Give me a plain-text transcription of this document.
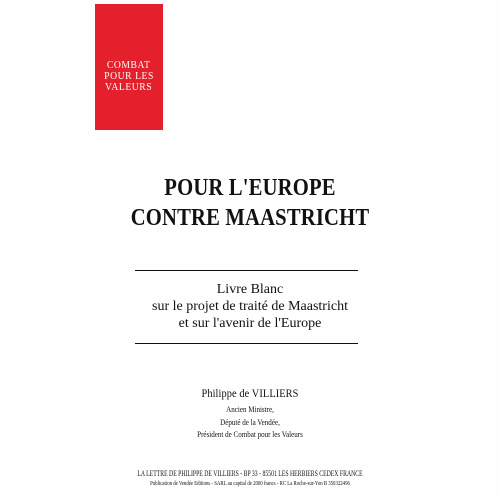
COMBAT
POUR LES
VALEURS
POUR L'EUROPE
CONTRE MAASTRICHT
Livre Blanc
sur le projet de traité de Maastricht
et sur l'avenir de l'Europe
Philippe de VILLIERS
Ancien Ministre,
Député de la Vendée,
Président de Combat pour les Valeurs
LA LETTRE DE PHILIPPE DE VILLIERS - BP 33 - 85501 LES HERBIERS CEDEX FRANCE
Publication de Vendée Editions - SARL au capital de 2000 francs - RC La Roche-sur-Yon B 350322496
